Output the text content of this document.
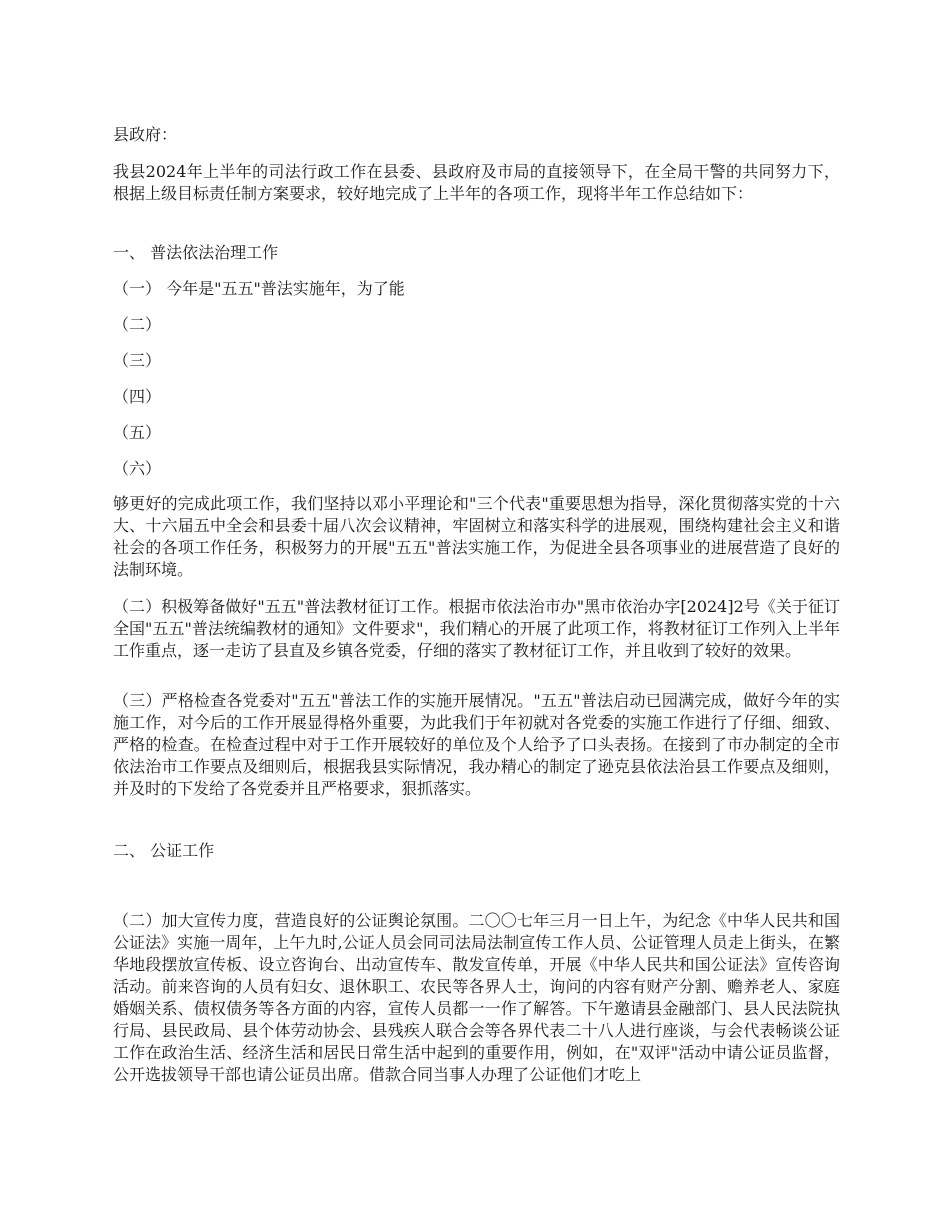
县政府：

我县2024年上半年的司法行政工作在县委、县政府及市局的直接领导下，在全局干警的共同努力下，根据上级目标责任制方案要求，较好地完成了上半年的各项工作，现将半年工作总结如下：

一、 普法依法治理工作

（一） 今年是"五五"普法实施年，为了能

（二）

（三）

（四）

（五）

（六）

够更好的完成此项工作，我们坚持以邓小平理论和"三个代表"重要思想为指导，深化贯彻落实党的十六大、十六届五中全会和县委十届八次会议精神，牢固树立和落实科学的进展观，围绕构建社会主义和谐社会的各项工作任务，积极努力的开展"五五"普法实施工作，为促进全县各项事业的进展营造了良好的法制环境。

（二）积极筹备做好"五五"普法教材征订工作。根据市依法治市办"黑市依治办字[2024]2号《关于征订全国"五五"普法统编教材的通知》文件要求"，我们精心的开展了此项工作，将教材征订工作列入上半年工作重点，逐一走访了县直及乡镇各党委，仔细的落实了教材征订工作，并且收到了较好的效果。

（三）严格检查各党委对"五五"普法工作的实施开展情况。"五五"普法启动已园满完成，做好今年的实施工作，对今后的工作开展显得格外重要，为此我们于年初就对各党委的实施工作进行了仔细、细致、严格的检查。在检查过程中对于工作开展较好的单位及个人给予了口头表扬。在接到了市办制定的全市依法治市工作要点及细则后，根据我县实际情况，我办精心的制定了逊克县依法治县工作要点及细则，并及时的下发给了各党委并且严格要求，狠抓落实。

二、 公证工作

（二）加大宣传力度，营造良好的公证舆论氛围。二〇〇七年三月一日上午，为纪念《中华人民共和国公证法》实施一周年，上午九时,公证人员会同司法局法制宣传工作人员、公证管理人员走上街头，在繁华地段摆放宣传板、设立咨询台、出动宣传车、散发宣传单，开展《中华人民共和国公证法》宣传咨询活动。前来咨询的人员有妇女、退休职工、农民等各界人士，询问的内容有财产分割、赡养老人、家庭婚姻关系、债权债务等各方面的内容，宣传人员都一一作了解答。下午邀请县金融部门、县人民法院执行局、县民政局、县个体劳动协会、县残疾人联合会等各界代表二十八人进行座谈，与会代表畅谈公证工作在政治生活、经济生活和居民日常生活中起到的重要作用，例如，在"双评"活动中请公证员监督，公开选拔领导干部也请公证员出席。借款合同当事人办理了公证他们才吃上
